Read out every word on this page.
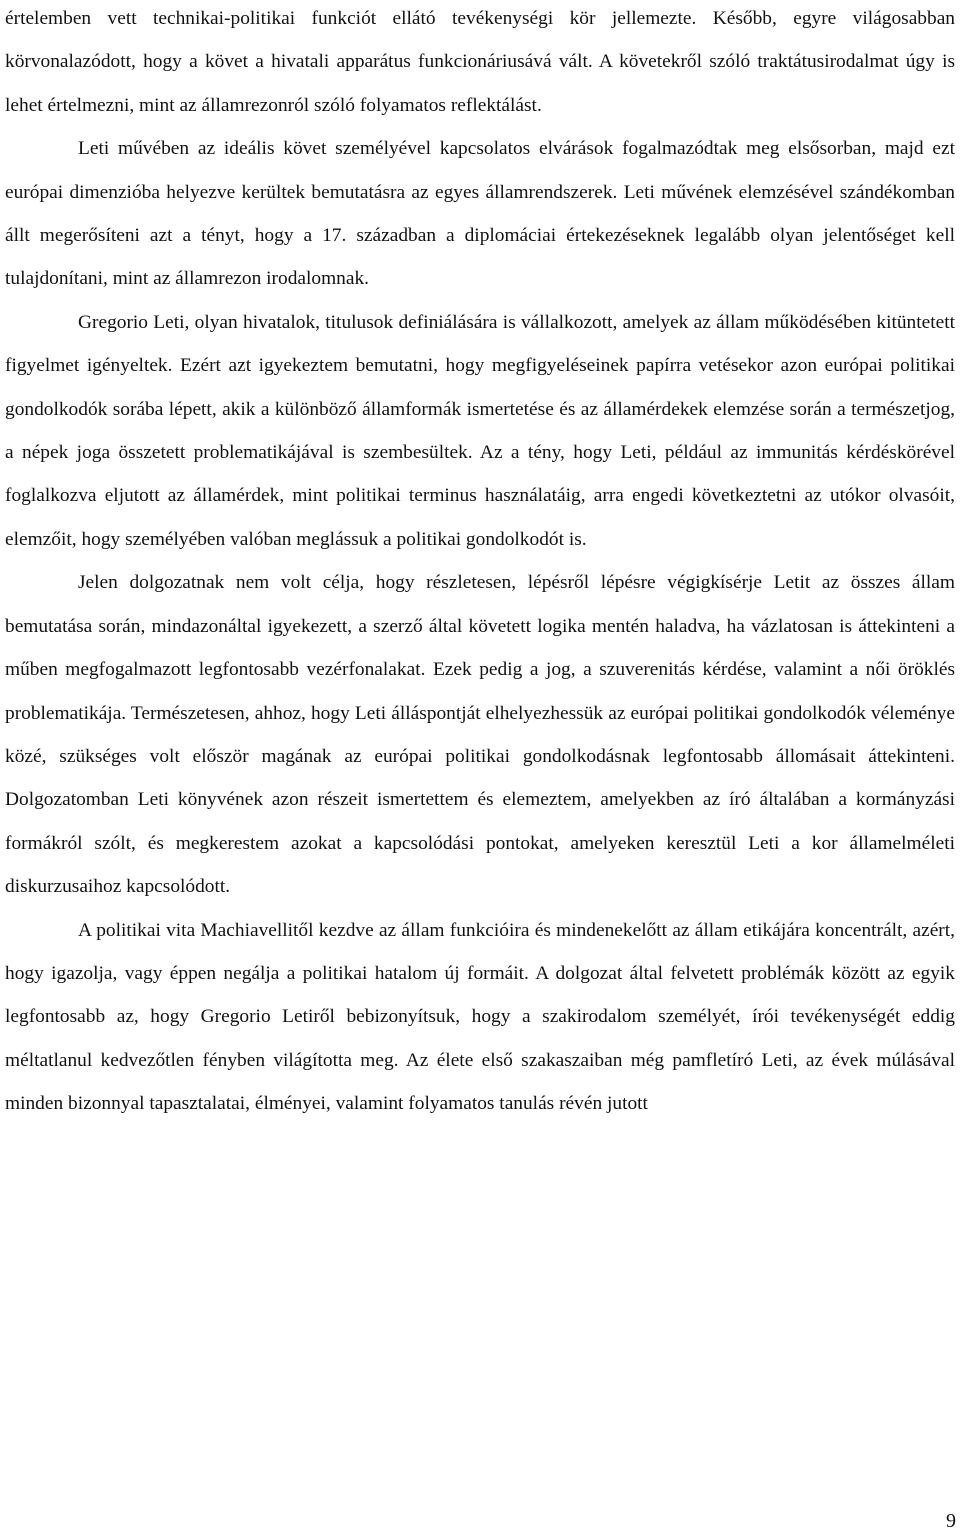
értelemben vett technikai-politikai funkciót ellátó tevékenységi kör jellemezte. Később, egyre világosabban körvonalazódott, hogy a követ a hivatali apparátus funkcionáriusává vált. A követekről szóló traktátusirodalmat úgy is lehet értelmezni, mint az államrezonról szóló folyamatos reflektálást.

Leti művében az ideális követ személyével kapcsolatos elvárások fogalmazódtak meg elsősorban, majd ezt európai dimenzióba helyezve kerültek bemutatásra az egyes államrendszerek. Leti művének elemzésével szándékomban állt megerősíteni azt a tényt, hogy a 17. században a diplomáciai értekezéseknek legalább olyan jelentőséget kell tulajdonítani, mint az államrezon irodalomnak.

Gregorio Leti, olyan hivatalok, titulusok definiálására is vállalkozott, amelyek az állam működésében kitüntetett figyelmet igényeltek. Ezért azt igyekeztem bemutatni, hogy megfigyeléseinek papírra vetésekor azon európai politikai gondolkodók sorába lépett, akik a különböző államformák ismertetése és az államérdekek elemzése során a természetjog, a népek joga összetett problematikájával is szembesültek. Az a tény, hogy Leti, például az immunitás kérdéskörével foglalkozva eljutott az államérdek, mint politikai terminus használatáig, arra engedi következtetni az utókor olvasóit, elemzőit, hogy személyében valóban meglássuk a politikai gondolkodót is.

Jelen dolgozatnak nem volt célja, hogy részletesen, lépésről lépésre végigkísérje Letit az összes állam bemutatása során, mindazonáltal igyekezett, a szerző által követett logika mentén haladva, ha vázlatosan is áttekinteni a műben megfogalmazott legfontosabb vezérfonalakat. Ezek pedig a jog, a szuverenitás kérdése, valamint a női öröklés problematikája. Természetesen, ahhoz, hogy Leti álláspontját elhelyezhessük az európai politikai gondolkodók véleménye közé, szükséges volt először magának az európai politikai gondolkodásnak legfontosabb állomásait áttekinteni. Dolgozatomban Leti könyvének azon részeit ismertettem és elemeztem, amelyekben az író általában a kormányzási formákról szólt, és megkerestem azokat a kapcsolódási pontokat, amelyeken keresztül Leti a kor államelméleti diskurzusaihoz kapcsolódott.

A politikai vita Machiavellitől kezdve az állam funkcióira és mindenekelőtt az állam etikájára koncentrált, azért, hogy igazolja, vagy éppen negálja a politikai hatalom új formáit. A dolgozat által felvetett problémák között az egyik legfontosabb az, hogy Gregorio Letiről bebizonyítsuk, hogy a szakirodalom személyét, írói tevékenységét eddig méltatlanul kedvezőtlen fényben világította meg. Az élete első szakaszaiban még pamfletíró Leti, az évek múlásával minden bizonnyal tapasztalatai, élményei, valamint folyamatos tanulás révén jutott

9
